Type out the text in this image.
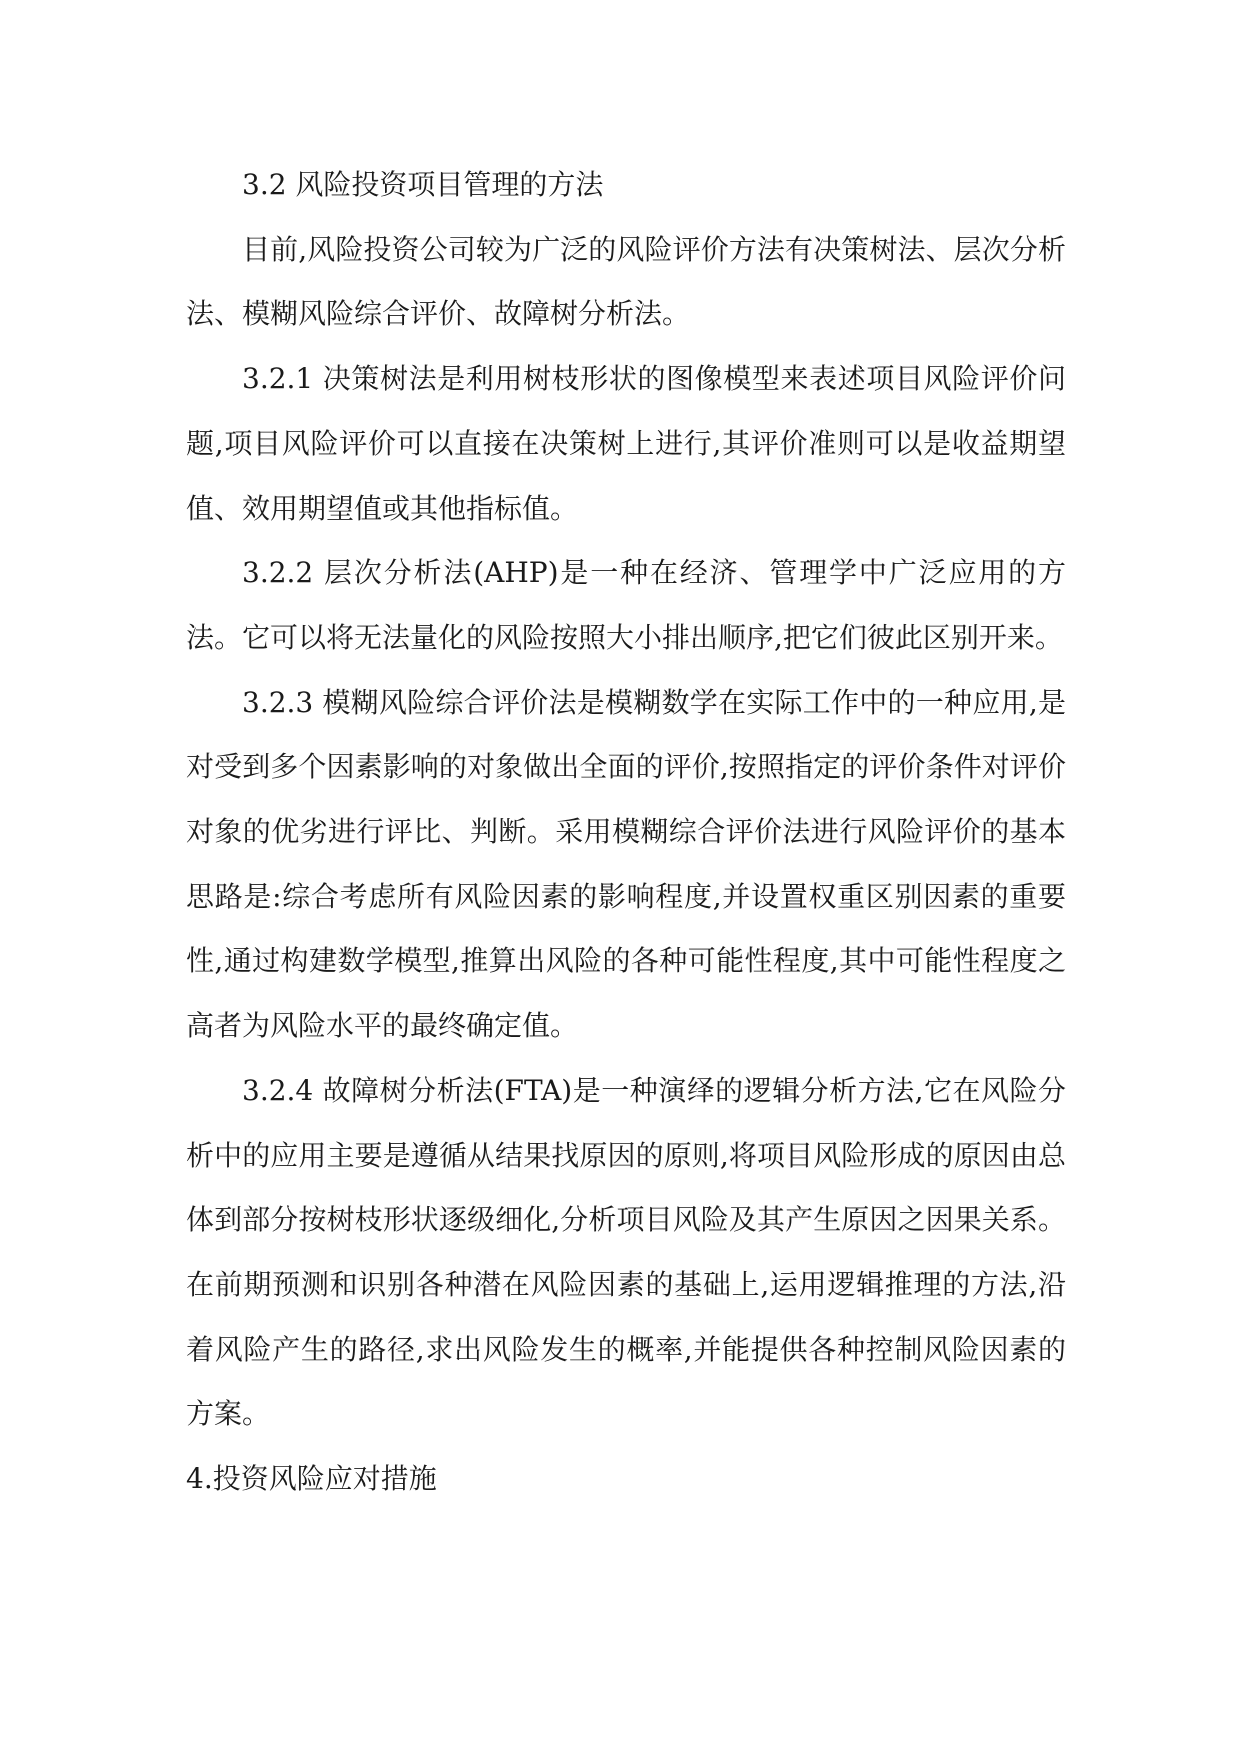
3.2 风险投资项目管理的方法

目前,风险投资公司较为广泛的风险评价方法有决策树法、层次分析法、模糊风险综合评价、故障树分析法。

3.2.1 决策树法是利用树枝形状的图像模型来表述项目风险评价问题,项目风险评价可以直接在决策树上进行,其评价准则可以是收益期望值、效用期望值或其他指标值。

3.2.2 层次分析法(AHP)是一种在经济、管理学中广泛应用的方法。它可以将无法量化的风险按照大小排出顺序,把它们彼此区别开来。

3.2.3 模糊风险综合评价法是模糊数学在实际工作中的一种应用,是对受到多个因素影响的对象做出全面的评价,按照指定的评价条件对评价对象的优劣进行评比、判断。采用模糊综合评价法进行风险评价的基本思路是:综合考虑所有风险因素的影响程度,并设置权重区别因素的重要性,通过构建数学模型,推算出风险的各种可能性程度,其中可能性程度之高者为风险水平的最终确定值。

3.2.4 故障树分析法(FTA)是一种演绎的逻辑分析方法,它在风险分析中的应用主要是遵循从结果找原因的原则,将项目风险形成的原因由总体到部分按树枝形状逐级细化,分析项目风险及其产生原因之因果关系。在前期预测和识别各种潜在风险因素的基础上,运用逻辑推理的方法,沿着风险产生的路径,求出风险发生的概率,并能提供各种控制风险因素的方案。

4.投资风险应对措施
